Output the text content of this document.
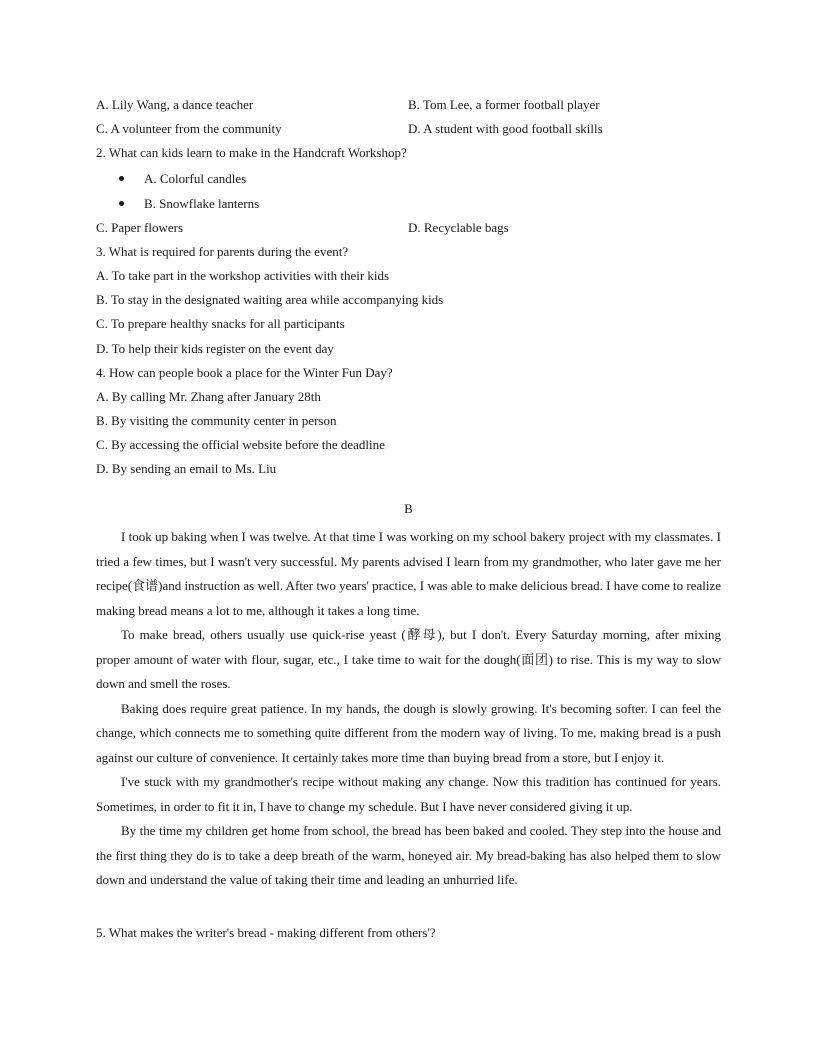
A. Lily Wang, a dance teacher	B. Tom Lee, a former football player
C. A volunteer from the community	D. A student with good football skills
2. What can kids learn to make in the Handcraft Workshop?
A. Colorful candles
B. Snowflake lanterns
C. Paper flowers	D. Recyclable bags
3. What is required for parents during the event?
A. To take part in the workshop activities with their kids
B. To stay in the designated waiting area while accompanying kids
C. To prepare healthy snacks for all participants
D. To help their kids register on the event day
4. How can people book a place for the Winter Fun Day?
A. By calling Mr. Zhang after January 28th
B. By visiting the community center in person
C. By accessing the official website before the deadline
D. By sending an email to Ms. Liu
B
I took up baking when I was twelve. At that time I was working on my school bakery project with my classmates. I tried a few times, but I wasn't very successful. My parents advised I learn from my grandmother, who later gave me her recipe(食谱)and instruction as well. After two years' practice, I was able to make delicious bread. I have come to realize making bread means a lot to me, although it takes a long time.
To make bread, others usually use quick-rise yeast (酵母), but I don't. Every Saturday morning, after mixing proper amount of water with flour, sugar, etc., I take time to wait for the dough(面团) to rise. This is my way to slow down and smell the roses.
Baking does require great patience. In my hands, the dough is slowly growing. It's becoming softer. I can feel the change, which connects me to something quite different from the modern way of living. To me, making bread is a push against our culture of convenience. It certainly takes more time than buying bread from a store, but I enjoy it.
I've stuck with my grandmother's recipe without making any change. Now this tradition has continued for years. Sometimes, in order to fit it in, I have to change my schedule. But I have never considered giving it up.
By the time my children get home from school, the bread has been baked and cooled. They step into the house and the first thing they do is to take a deep breath of the warm, honeyed air. My bread-baking has also helped them to slow down and understand the value of taking their time and leading an unhurried life.
5. What makes the writer's bread - making different from others'?
